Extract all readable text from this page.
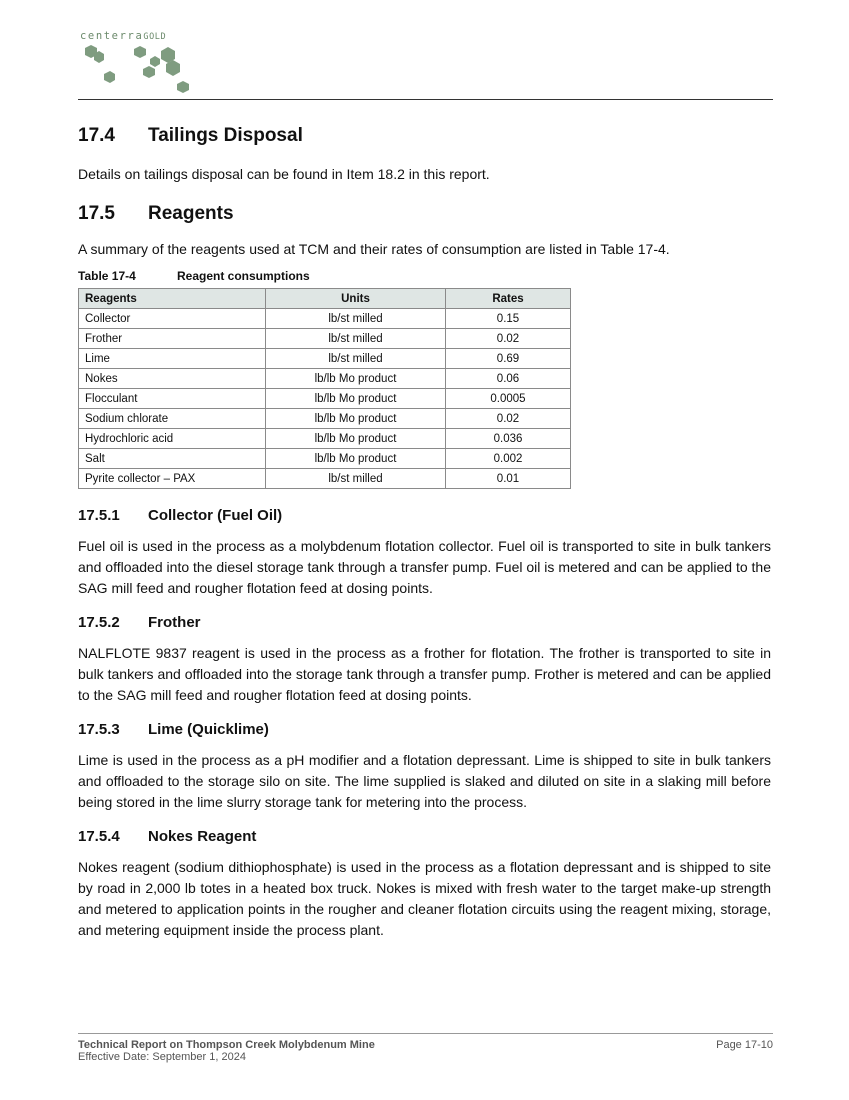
centerraGOLD
17.4	Tailings Disposal

Details on tailings disposal can be found in Item 18.2 in this report.

17.5	Reagents

A summary of the reagents used at TCM and their rates of consumption are listed in Table 17-4.

Table 17-4	Reagent consumptions
Reagents	Units	Rates
Collector	lb/st milled	0.15
Frother	lb/st milled	0.02
Lime	lb/st milled	0.69
Nokes	lb/lb Mo product	0.06
Flocculant	lb/lb Mo product	0.0005
Sodium chlorate	lb/lb Mo product	0.02
Hydrochloric acid	lb/lb Mo product	0.036
Salt	lb/lb Mo product	0.002
Pyrite collector – PAX	lb/st milled	0.01
17.5.1	Collector (Fuel Oil)

Fuel oil is used in the process as a molybdenum flotation collector. Fuel oil is transported to site in bulk tankers and offloaded into the diesel storage tank through a transfer pump. Fuel oil is metered and can be applied to the SAG mill feed and rougher flotation feed at dosing points.

17.5.2	Frother

NALFLOTE 9837 reagent is used in the process as a frother for flotation. The frother is transported to site in bulk tankers and offloaded into the storage tank through a transfer pump. Frother is metered and can be applied to the SAG mill feed and rougher flotation feed at dosing points.

17.5.3	Lime (Quicklime)

Lime is used in the process as a pH modifier and a flotation depressant. Lime is shipped to site in bulk tankers and offloaded to the storage silo on site. The lime supplied is slaked and diluted on site in a slaking mill before being stored in the lime slurry storage tank for metering into the process.

17.5.4	Nokes Reagent

Nokes reagent (sodium dithiophosphate) is used in the process as a flotation depressant and is shipped to site by road in 2,000 lb totes in a heated box truck. Nokes is mixed with fresh water to the target make-up strength and metered to application points in the rougher and cleaner flotation circuits using the reagent mixing, storage, and metering equipment inside the process plant.

Technical Report on Thompson Creek Molybdenum Mine
Effective Date: September 1, 2024
Page 17-10
